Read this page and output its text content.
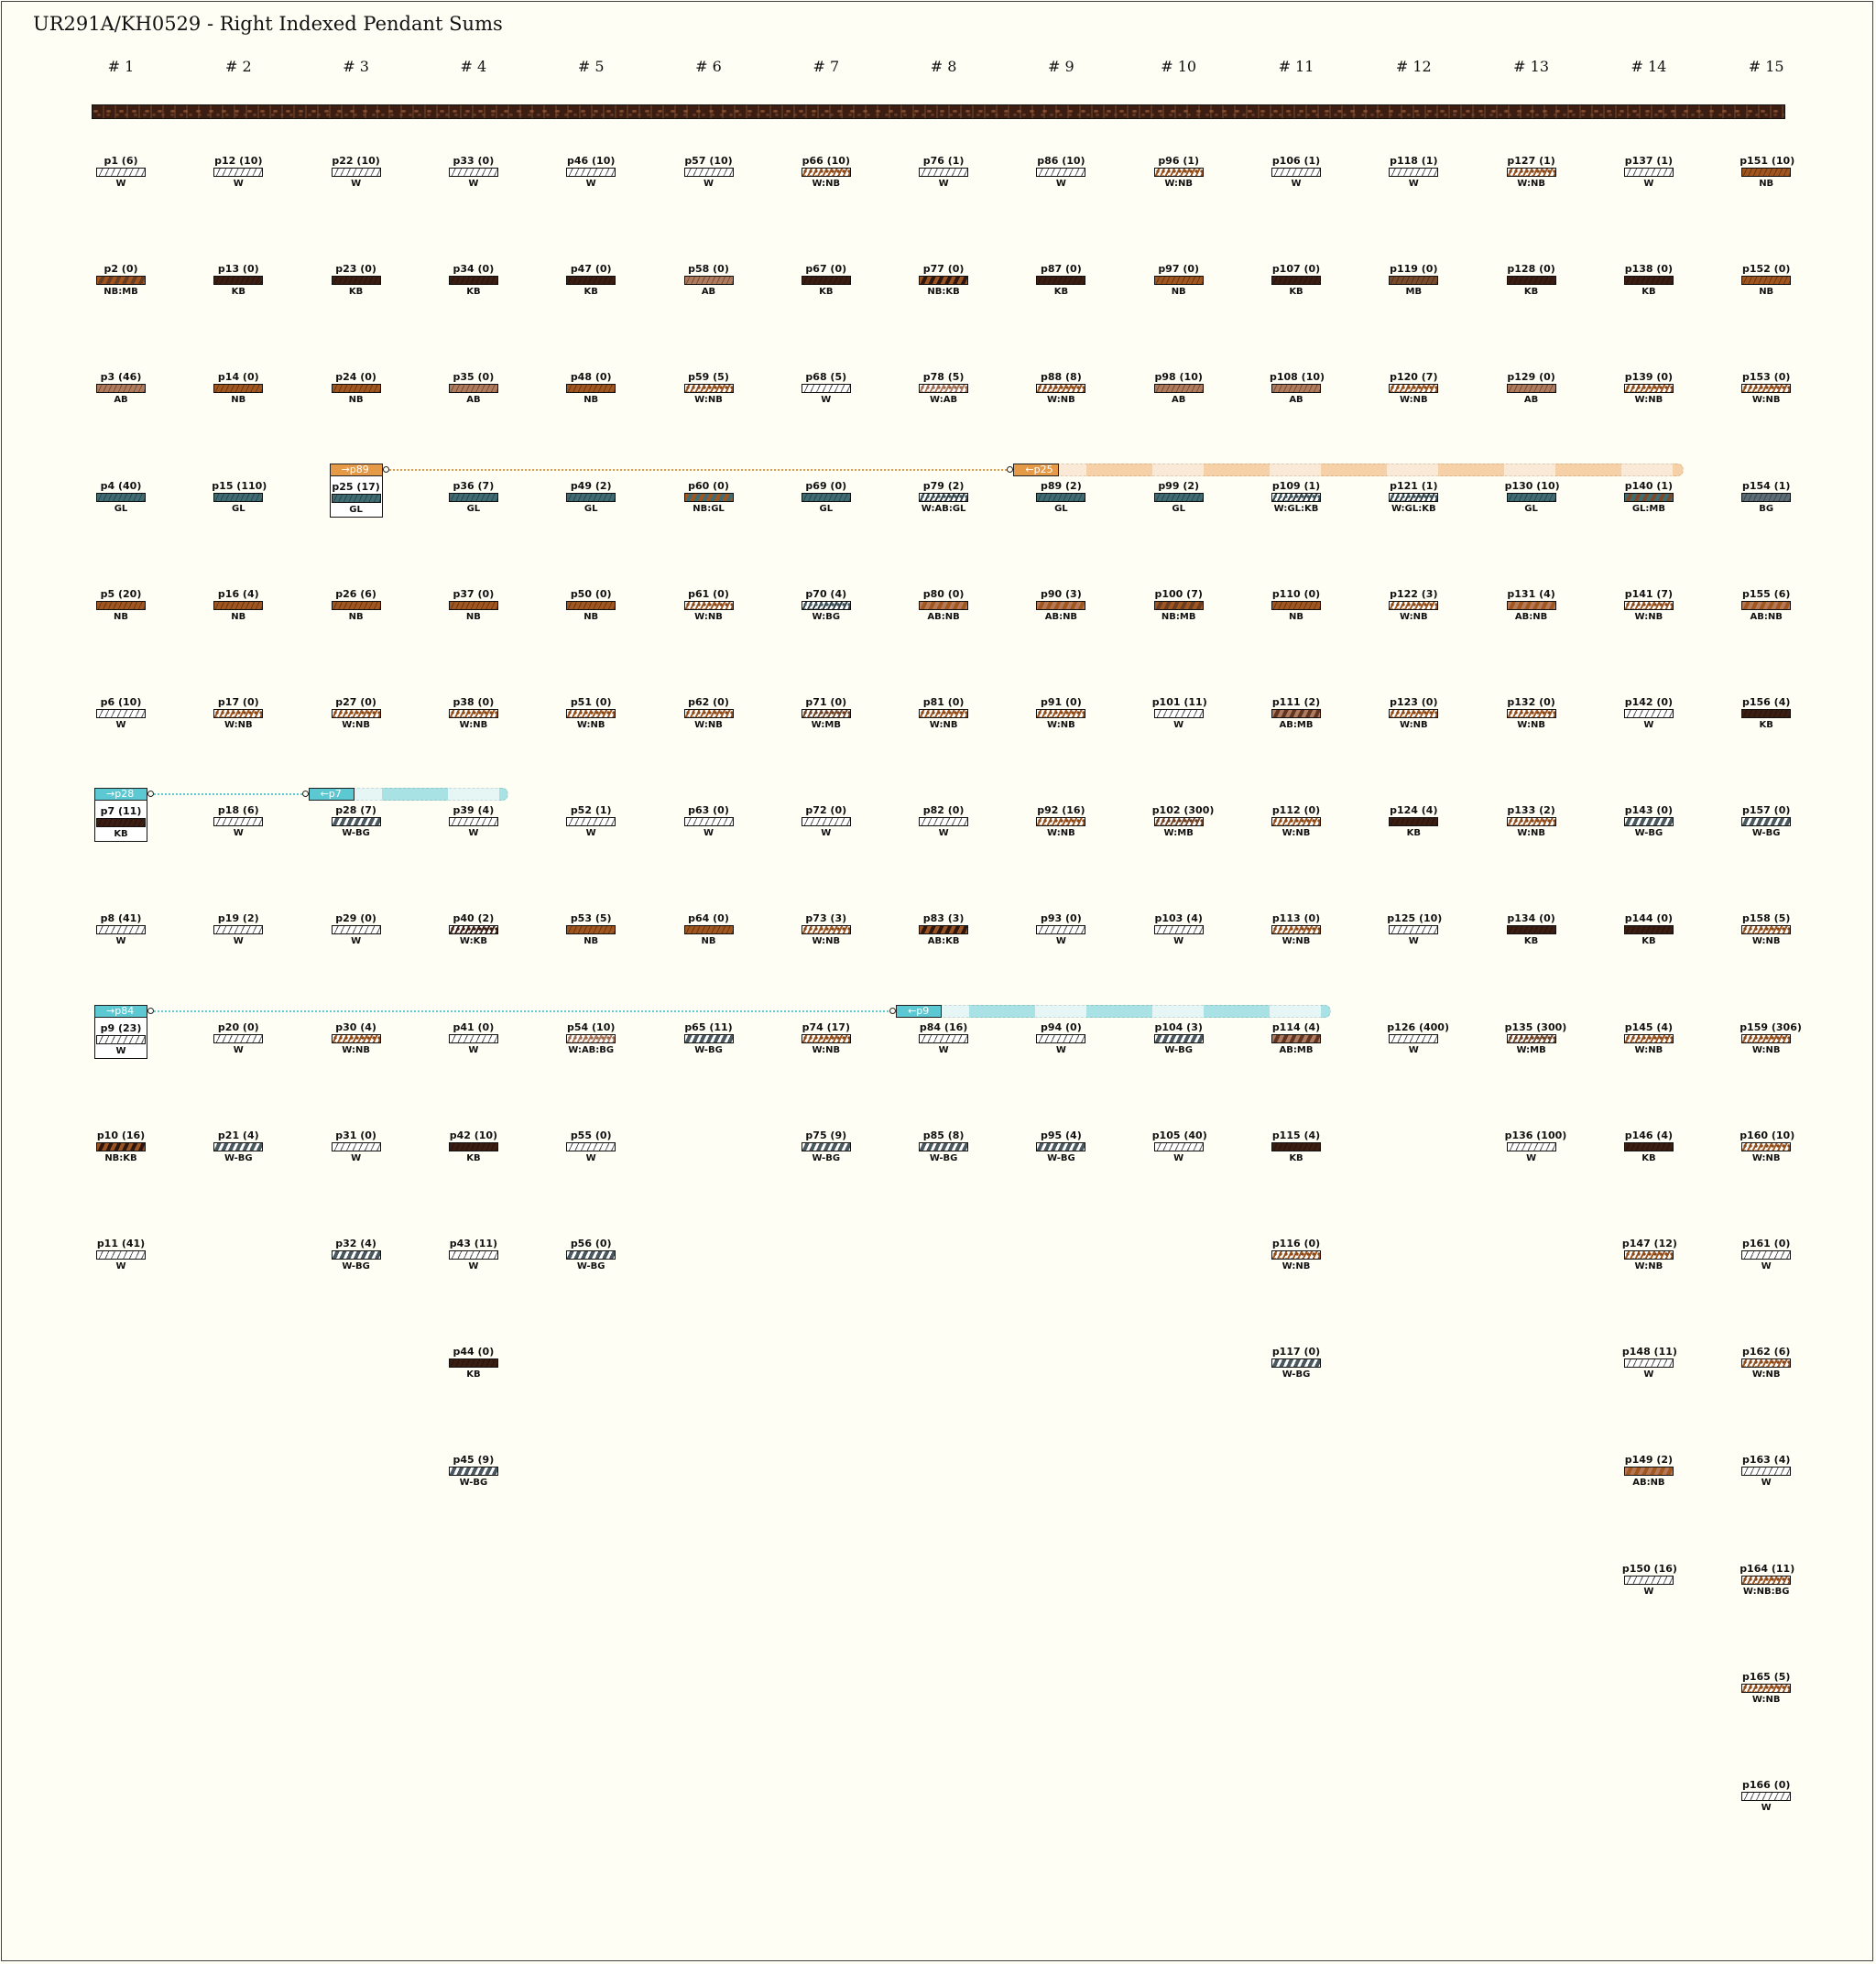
UR291A/KH0529 - Right Indexed Pendant Sums
# 1
p1 (6)
W
p2 (0)
NB:MB
p3 (46)
AB
p4 (40)
GL
p5 (20)
NB
p6 (10)
W
p7 (11)
KB
p8 (41)
W
p9 (23)
W
p10 (16)
NB:KB
p11 (41)
W
# 2
p12 (10)
W
p13 (0)
KB
p14 (0)
NB
p15 (110)
GL
p16 (4)
NB
p17 (0)
W:NB
p18 (6)
W
p19 (2)
W
p20 (0)
W
p21 (4)
W-BG
# 3
p22 (10)
W
p23 (0)
KB
p24 (0)
NB
p25 (17)
GL
p26 (6)
NB
p27 (0)
W:NB
p28 (7)
W-BG
p29 (0)
W
p30 (4)
W:NB
p31 (0)
W
p32 (4)
W-BG
# 4
p33 (0)
W
p34 (0)
KB
p35 (0)
AB
p36 (7)
GL
p37 (0)
NB
p38 (0)
W:NB
p39 (4)
W
p40 (2)
W:KB
p41 (0)
W
p42 (10)
KB
p43 (11)
W
p44 (0)
KB
p45 (9)
W-BG
# 5
p46 (10)
W
p47 (0)
KB
p48 (0)
NB
p49 (2)
GL
p50 (0)
NB
p51 (0)
W:NB
p52 (1)
W
p53 (5)
NB
p54 (10)
W:AB:BG
p55 (0)
W
p56 (0)
W-BG
# 6
p57 (10)
W
p58 (0)
AB
p59 (5)
W:NB
p60 (0)
NB:GL
p61 (0)
W:NB
p62 (0)
W:NB
p63 (0)
W
p64 (0)
NB
p65 (11)
W-BG
# 7
p66 (10)
W:NB
p67 (0)
KB
p68 (5)
W
p69 (0)
GL
p70 (4)
W:BG
p71 (0)
W:MB
p72 (0)
W
p73 (3)
W:NB
p74 (17)
W:NB
p75 (9)
W-BG
# 8
p76 (1)
W
p77 (0)
NB:KB
p78 (5)
W:AB
p79 (2)
W:AB:GL
p80 (0)
AB:NB
p81 (0)
W:NB
p82 (0)
W
p83 (3)
AB:KB
p84 (16)
W
p85 (8)
W-BG
# 9
p86 (10)
W
p87 (0)
KB
p88 (8)
W:NB
p89 (2)
GL
p90 (3)
AB:NB
p91 (0)
W:NB
p92 (16)
W:NB
p93 (0)
W
p94 (0)
W
p95 (4)
W-BG
# 10
p96 (1)
W:NB
p97 (0)
NB
p98 (10)
AB
p99 (2)
GL
p100 (7)
NB:MB
p101 (11)
W
p102 (300)
W:MB
p103 (4)
W
p104 (3)
W-BG
p105 (40)
W
# 11
p106 (1)
W
p107 (0)
KB
p108 (10)
AB
p109 (1)
W:GL:KB
p110 (0)
NB
p111 (2)
AB:MB
p112 (0)
W:NB
p113 (0)
W:NB
p114 (4)
AB:MB
p115 (4)
KB
p116 (0)
W:NB
p117 (0)
W-BG
# 12
p118 (1)
W
p119 (0)
MB
p120 (7)
W:NB
p121 (1)
W:GL:KB
p122 (3)
W:NB
p123 (0)
W:NB
p124 (4)
KB
p125 (10)
W
p126 (400)
W
# 13
p127 (1)
W:NB
p128 (0)
KB
p129 (0)
AB
p130 (10)
GL
p131 (4)
AB:NB
p132 (0)
W:NB
p133 (2)
W:NB
p134 (0)
KB
p135 (300)
W:MB
p136 (100)
W
# 14
p137 (1)
W
p138 (0)
KB
p139 (0)
W:NB
p140 (1)
GL:MB
p141 (7)
W:NB
p142 (0)
W
p143 (0)
W-BG
p144 (0)
KB
p145 (4)
W:NB
p146 (4)
KB
p147 (12)
W:NB
p148 (11)
W
p149 (2)
AB:NB
p150 (16)
W
# 15
p151 (10)
NB
p152 (0)
NB
p153 (0)
W:NB
p154 (1)
BG
p155 (6)
AB:NB
p156 (4)
KB
p157 (0)
W-BG
p158 (5)
W:NB
p159 (306)
W:NB
p160 (10)
W:NB
p161 (0)
W
p162 (6)
W:NB
p163 (4)
W
p164 (11)
W:NB:BG
p165 (5)
W:NB
p166 (0)
W
→p89	←p25
→p28	←p7
→p84	←p9
